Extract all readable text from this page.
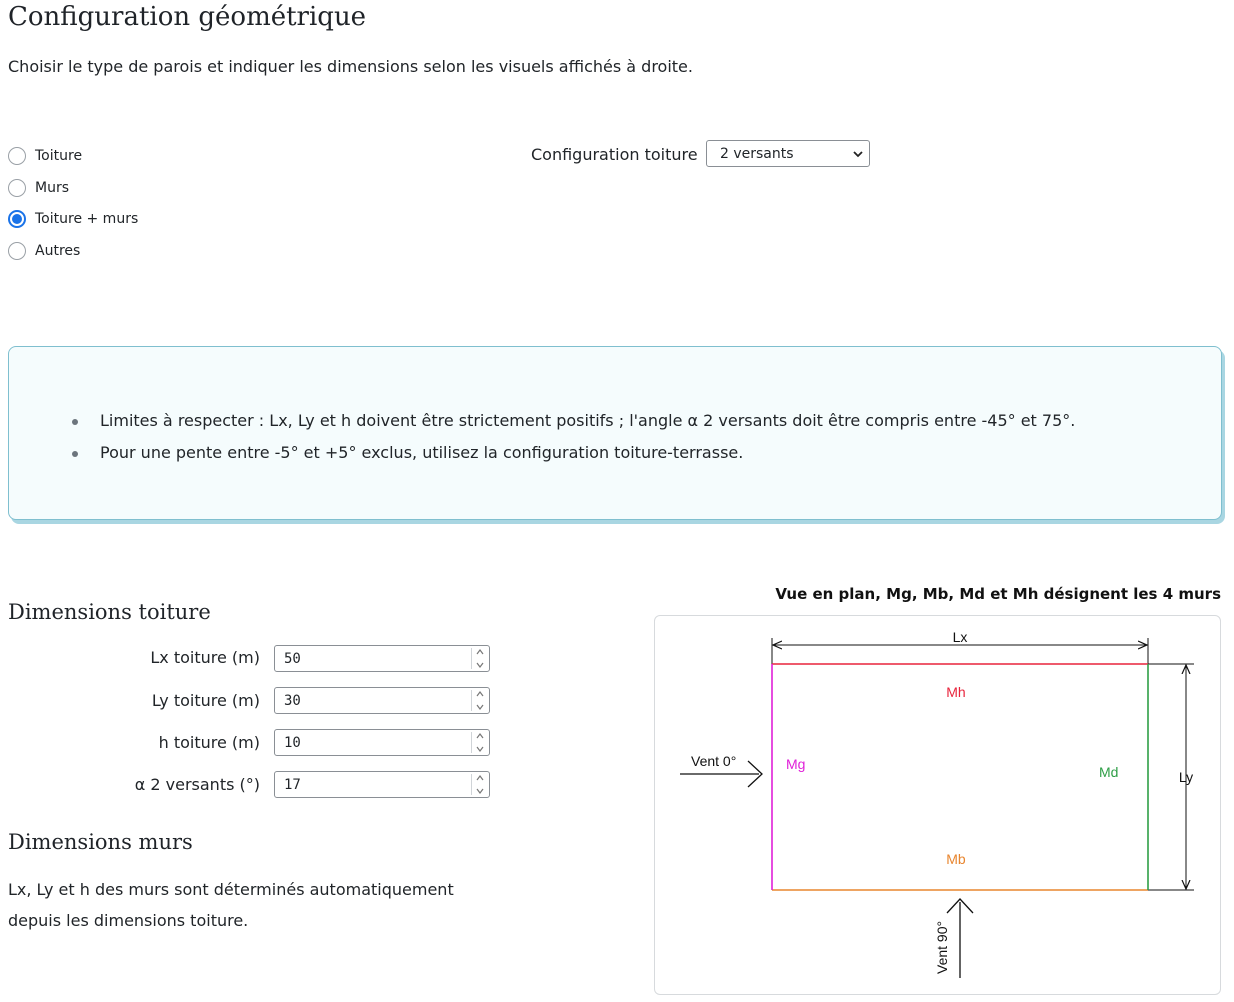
Configuration géométrique

Choisir le type de parois et indiquer les dimensions selon les visuels affichés à droite.

Toiture
Murs
Toiture + murs
Autres
Configuration toiture 2 versants
Limites à respecter : Lx, Ly et h doivent être strictement positifs ; l'angle α 2 versants doit être compris entre -45° et 75°.
Pour une pente entre -5° et +5° exclus, utilisez la configuration toiture-terrasse.
Dimensions toiture
Lx toiture (m) 50
Ly toiture (m) 30
h toiture (m) 10
α 2 versants (°) 17
Dimensions murs

Lx, Ly et h des murs sont déterminés automatiquement depuis les dimensions toiture.

Vue en plan, Mg, Mb, Md et Mh désignent les 4 murs
Lx
Ly
Mh
Mb
Mg	Md
Vent 0°
Vent 90°
